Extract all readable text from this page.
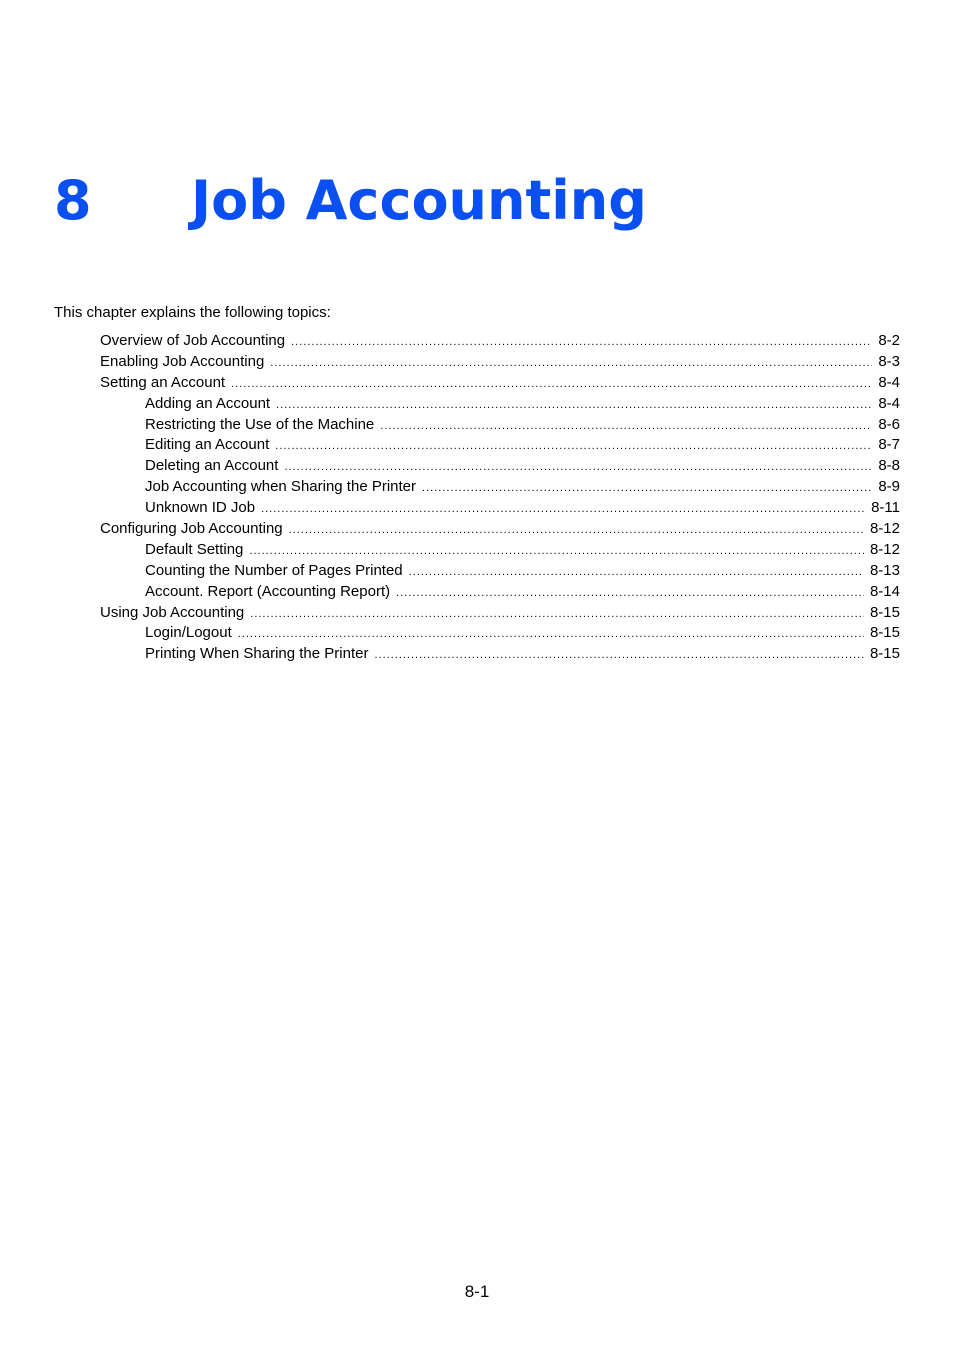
8 Job Accounting
This chapter explains the following topics:
Overview of Job Accounting .....	8-2
Enabling Job Accounting .....	8-3
Setting an Account .....	8-4
Adding an Account .....	8-4
Restricting the Use of the Machine .....	8-6
Editing an Account .....	8-7
Deleting an Account .....	8-8
Job Accounting when Sharing the Printer .....	8-9
Unknown ID Job .....	8-11
Configuring Job Accounting .....	8-12
Default Setting .....	8-12
Counting the Number of Pages Printed .....	8-13
Account. Report (Accounting Report) .....	8-14
Using Job Accounting .....	8-15
Login/Logout .....	8-15
Printing When Sharing the Printer .....	8-15
8-1
